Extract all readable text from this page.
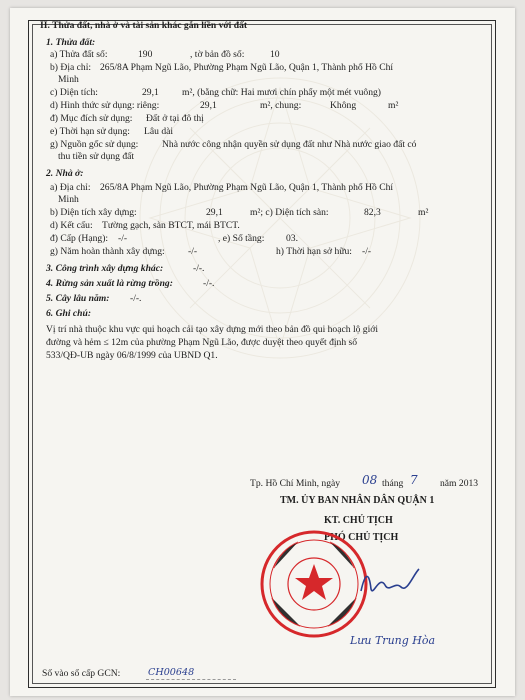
II. Thửa đất, nhà ở và tài sản khác gắn liền với đất
1. Thửa đất:
a) Thửa đất số:	190	, tờ bản đồ số:	10
b) Địa chỉ: 265/8A Phạm Ngũ Lão, Phường Phạm Ngũ Lão, Quận 1, Thành phố Hồ Chí
Minh
c) Diện tích:	29,1 m², (bằng chữ: Hai mươi chín phẩy một mét vuông)
d) Hình thức sử dụng: riêng:	29,1	m², chung:	Không	m²
đ) Mục đích sử dụng: Đất ở tại đô thị
e) Thời hạn sử dụng: Lâu dài
g) Nguồn gốc sử dụng: Nhà nước công nhận quyền sử dụng đất như Nhà nước giao đất có
thu tiền sử dụng đất
2. Nhà ở:
a) Địa chỉ: 265/8A Phạm Ngũ Lão, Phường Phạm Ngũ Lão, Quận 1, Thành phố Hồ Chí
Minh
b) Diện tích xây dựng:	29,1	m²; c) Diện tích sàn:	82,3	m²
d) Kết cấu: Tường gạch, sàn BTCT, mái BTCT.
đ) Cấp (Hạng): -/-	, e) Số tầng: 03.
g) Năm hoàn thành xây dựng: -/-	h) Thời hạn sở hữu: -/-
3. Công trình xây dựng khác:	-/-.
4. Rừng sản xuất là rừng trồng:	-/-.
5. Cây lâu năm: -/-.
6. Ghi chú:
Vị trí nhà thuộc khu vực qui hoạch cải tạo xây dựng mới theo bản đồ qui hoạch lộ giới
đường và hẻm ≤ 12m của phường Phạm Ngũ Lão, được duyệt theo quyết định số
533/QĐ-UB ngày 06/8/1999 của UBND Q1.
Tp. Hồ Chí Minh, ngày 08 tháng 7 năm 2013
TM. ỦY BAN NHÂN DÂN QUẬN 1
KT. CHỦ TỊCH
PHÓ CHỦ TỊCH
Lưu Trung Hòa
Số vào sổ cấp GCN:	CH00648
